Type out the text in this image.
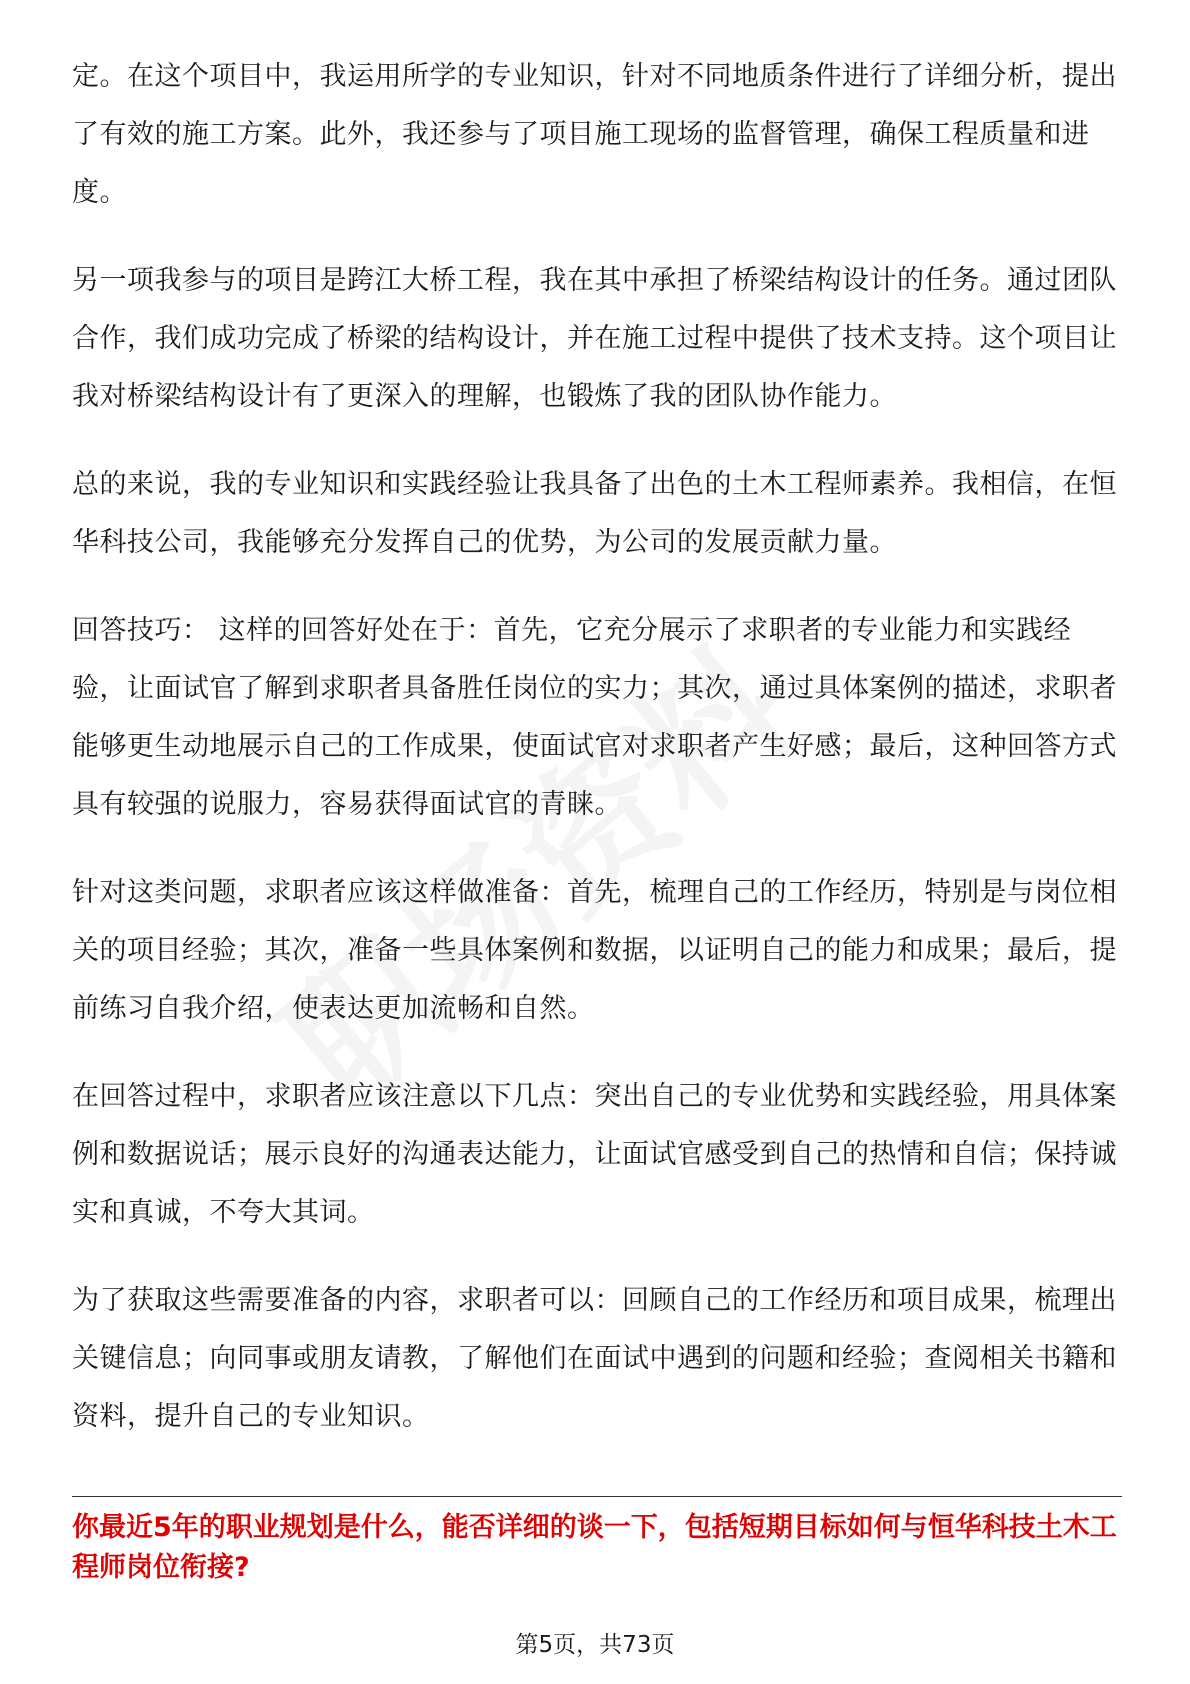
定。在这个项目中，我运用所学的专业知识，针对不同地质条件进行了详细分析，提出了有效的施工方案。此外，我还参与了项目施工现场的监督管理，确保工程质量和进度。

另一项我参与的项目是跨江大桥工程，我在其中承担了桥梁结构设计的任务。通过团队合作，我们成功完成了桥梁的结构设计，并在施工过程中提供了技术支持。这个项目让我对桥梁结构设计有了更深入的理解，也锻炼了我的团队协作能力。

总的来说，我的专业知识和实践经验让我具备了出色的土木工程师素养。我相信，在恒华科技公司，我能够充分发挥自己的优势，为公司的发展贡献力量。

回答技巧： 这样的回答好处在于：首先，它充分展示了求职者的专业能力和实践经验，让面试官了解到求职者具备胜任岗位的实力；其次，通过具体案例的描述，求职者能够更生动地展示自己的工作成果，使面试官对求职者产生好感；最后，这种回答方式具有较强的说服力，容易获得面试官的青睐。

针对这类问题，求职者应该这样做准备：首先，梳理自己的工作经历，特别是与岗位相关的项目经验；其次，准备一些具体案例和数据，以证明自己的能力和成果；最后，提前练习自我介绍，使表达更加流畅和自然。

在回答过程中，求职者应该注意以下几点：突出自己的专业优势和实践经验，用具体案例和数据说话；展示良好的沟通表达能力，让面试官感受到自己的热情和自信；保持诚实和真诚，不夸大其词。

为了获取这些需要准备的内容，求职者可以：回顾自己的工作经历和项目成果，梳理出关键信息；向同事或朋友请教，了解他们在面试中遇到的问题和经验；查阅相关书籍和资料，提升自己的专业知识。

你最近5年的职业规划是什么，能否详细的谈一下，包括短期目标如何与恒华科技土木工程师岗位衔接?

第5页，共73页
